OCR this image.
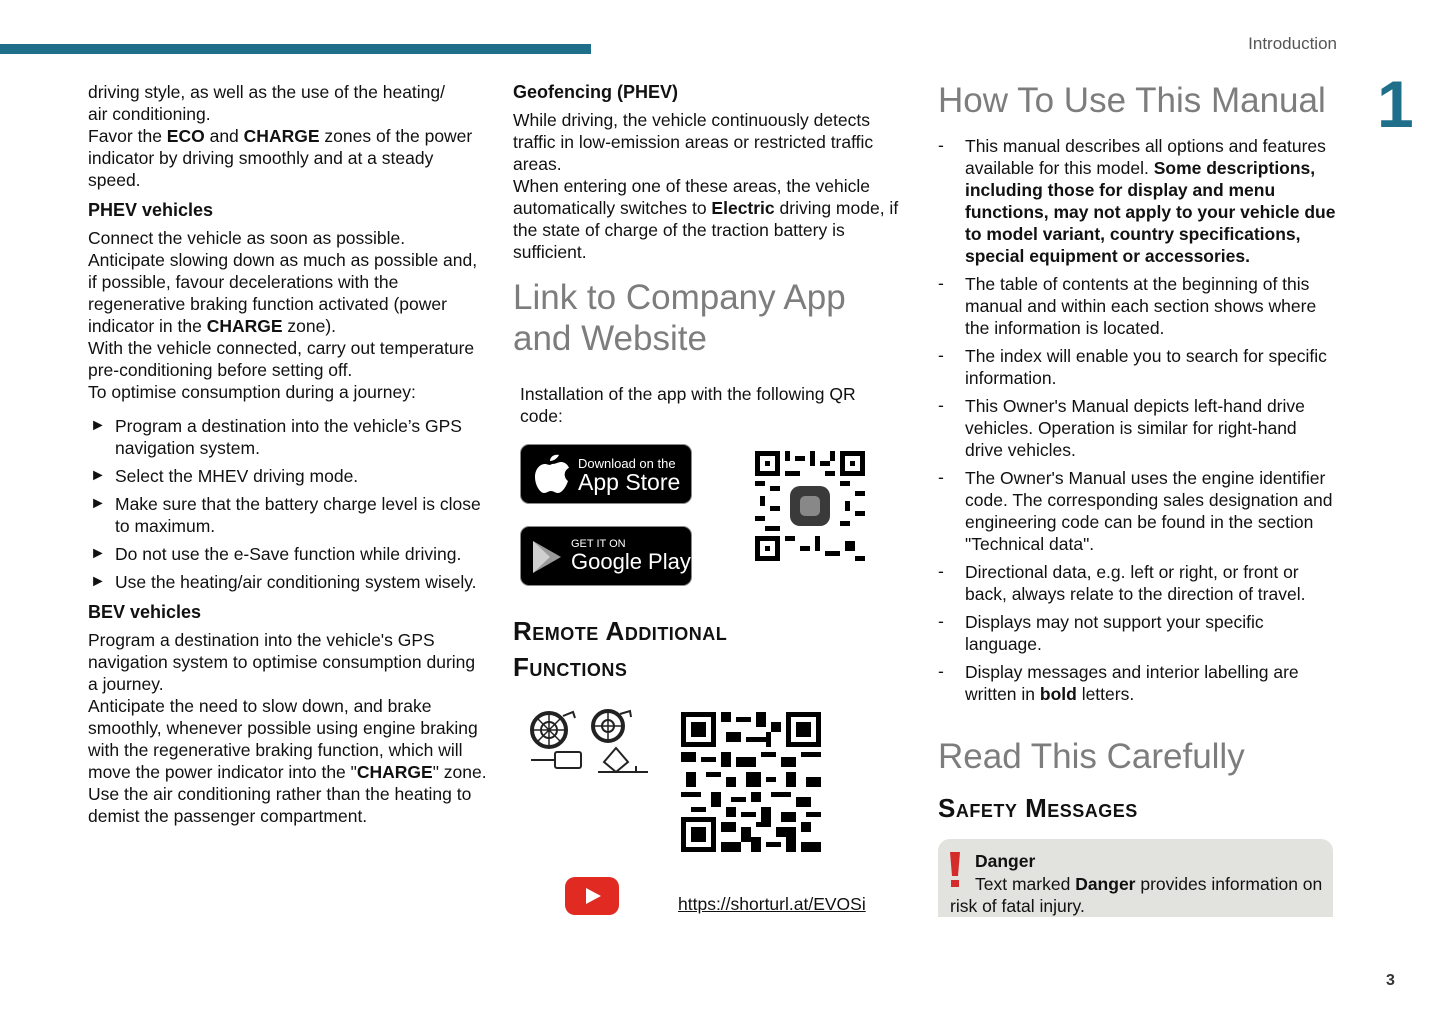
Introduction
1

driving style, as well as the use of the heating/

air conditioning.

Favor the ECO and CHARGE zones of the power indicator by driving smoothly and at a steady speed.

PHEV vehicles

Connect the vehicle as soon as possible.

Anticipate slowing down as much as possible and, if possible, favour decelerations with the regenerative braking function activated (power indicator in the CHARGE zone).

With the vehicle connected, carry out temperature pre-conditioning before setting off.

To optimise consumption during a journey:

► Program a destination into the vehicle’s GPS navigation system.
► Select the MHEV driving mode.
► Make sure that the battery charge level is close to maximum.
► Do not use the e-Save function while driving.
► Use the heating/air conditioning system wisely.
BEV vehicles

Program a destination into the vehicle's GPS navigation system to optimise consumption during a journey.

Anticipate the need to slow down, and brake smoothly, whenever possible using engine braking with the regenerative braking function, which will move the power indicator into the "CHARGE" zone.

Use the air conditioning rather than the heating to demist the passenger compartment.

Geofencing (PHEV)

While driving, the vehicle continuously detects traffic in low-emission areas or restricted traffic areas.

When entering one of these areas, the vehicle automatically switches to Electric driving mode, if the state of charge of the traction battery is sufficient.

Link to Company App and Website

Installation of the app with the following QR code:

Download on the
App Store
GET IT ON
Google Play
Remote Additional
Functions
https://shorturl.at/EVOSi
How To Use This Manual
- This manual describes all options and features available for this model. Some descriptions, including those for display and menu functions, may not apply to your vehicle due to model variant, country specifications, special equipment or accessories.
- The table of contents at the beginning of this manual and within each section shows where the information is located.
- The index will enable you to search for specific information.
- This Owner's Manual depicts left-hand drive vehicles. Operation is similar for right-hand drive vehicles.
- The Owner's Manual uses the engine identifier code. The corresponding sales designation and engineering code can be found in the section "Technical data".
- Directional data, e.g. left or right, or front or back, always relate to the direction of travel.
- Displays may not support your specific language.
- Display messages and interior labelling are written in bold letters.
Read This Carefully
Safety Messages
Danger
Text marked Danger provides information on risk of fatal injury.
3
